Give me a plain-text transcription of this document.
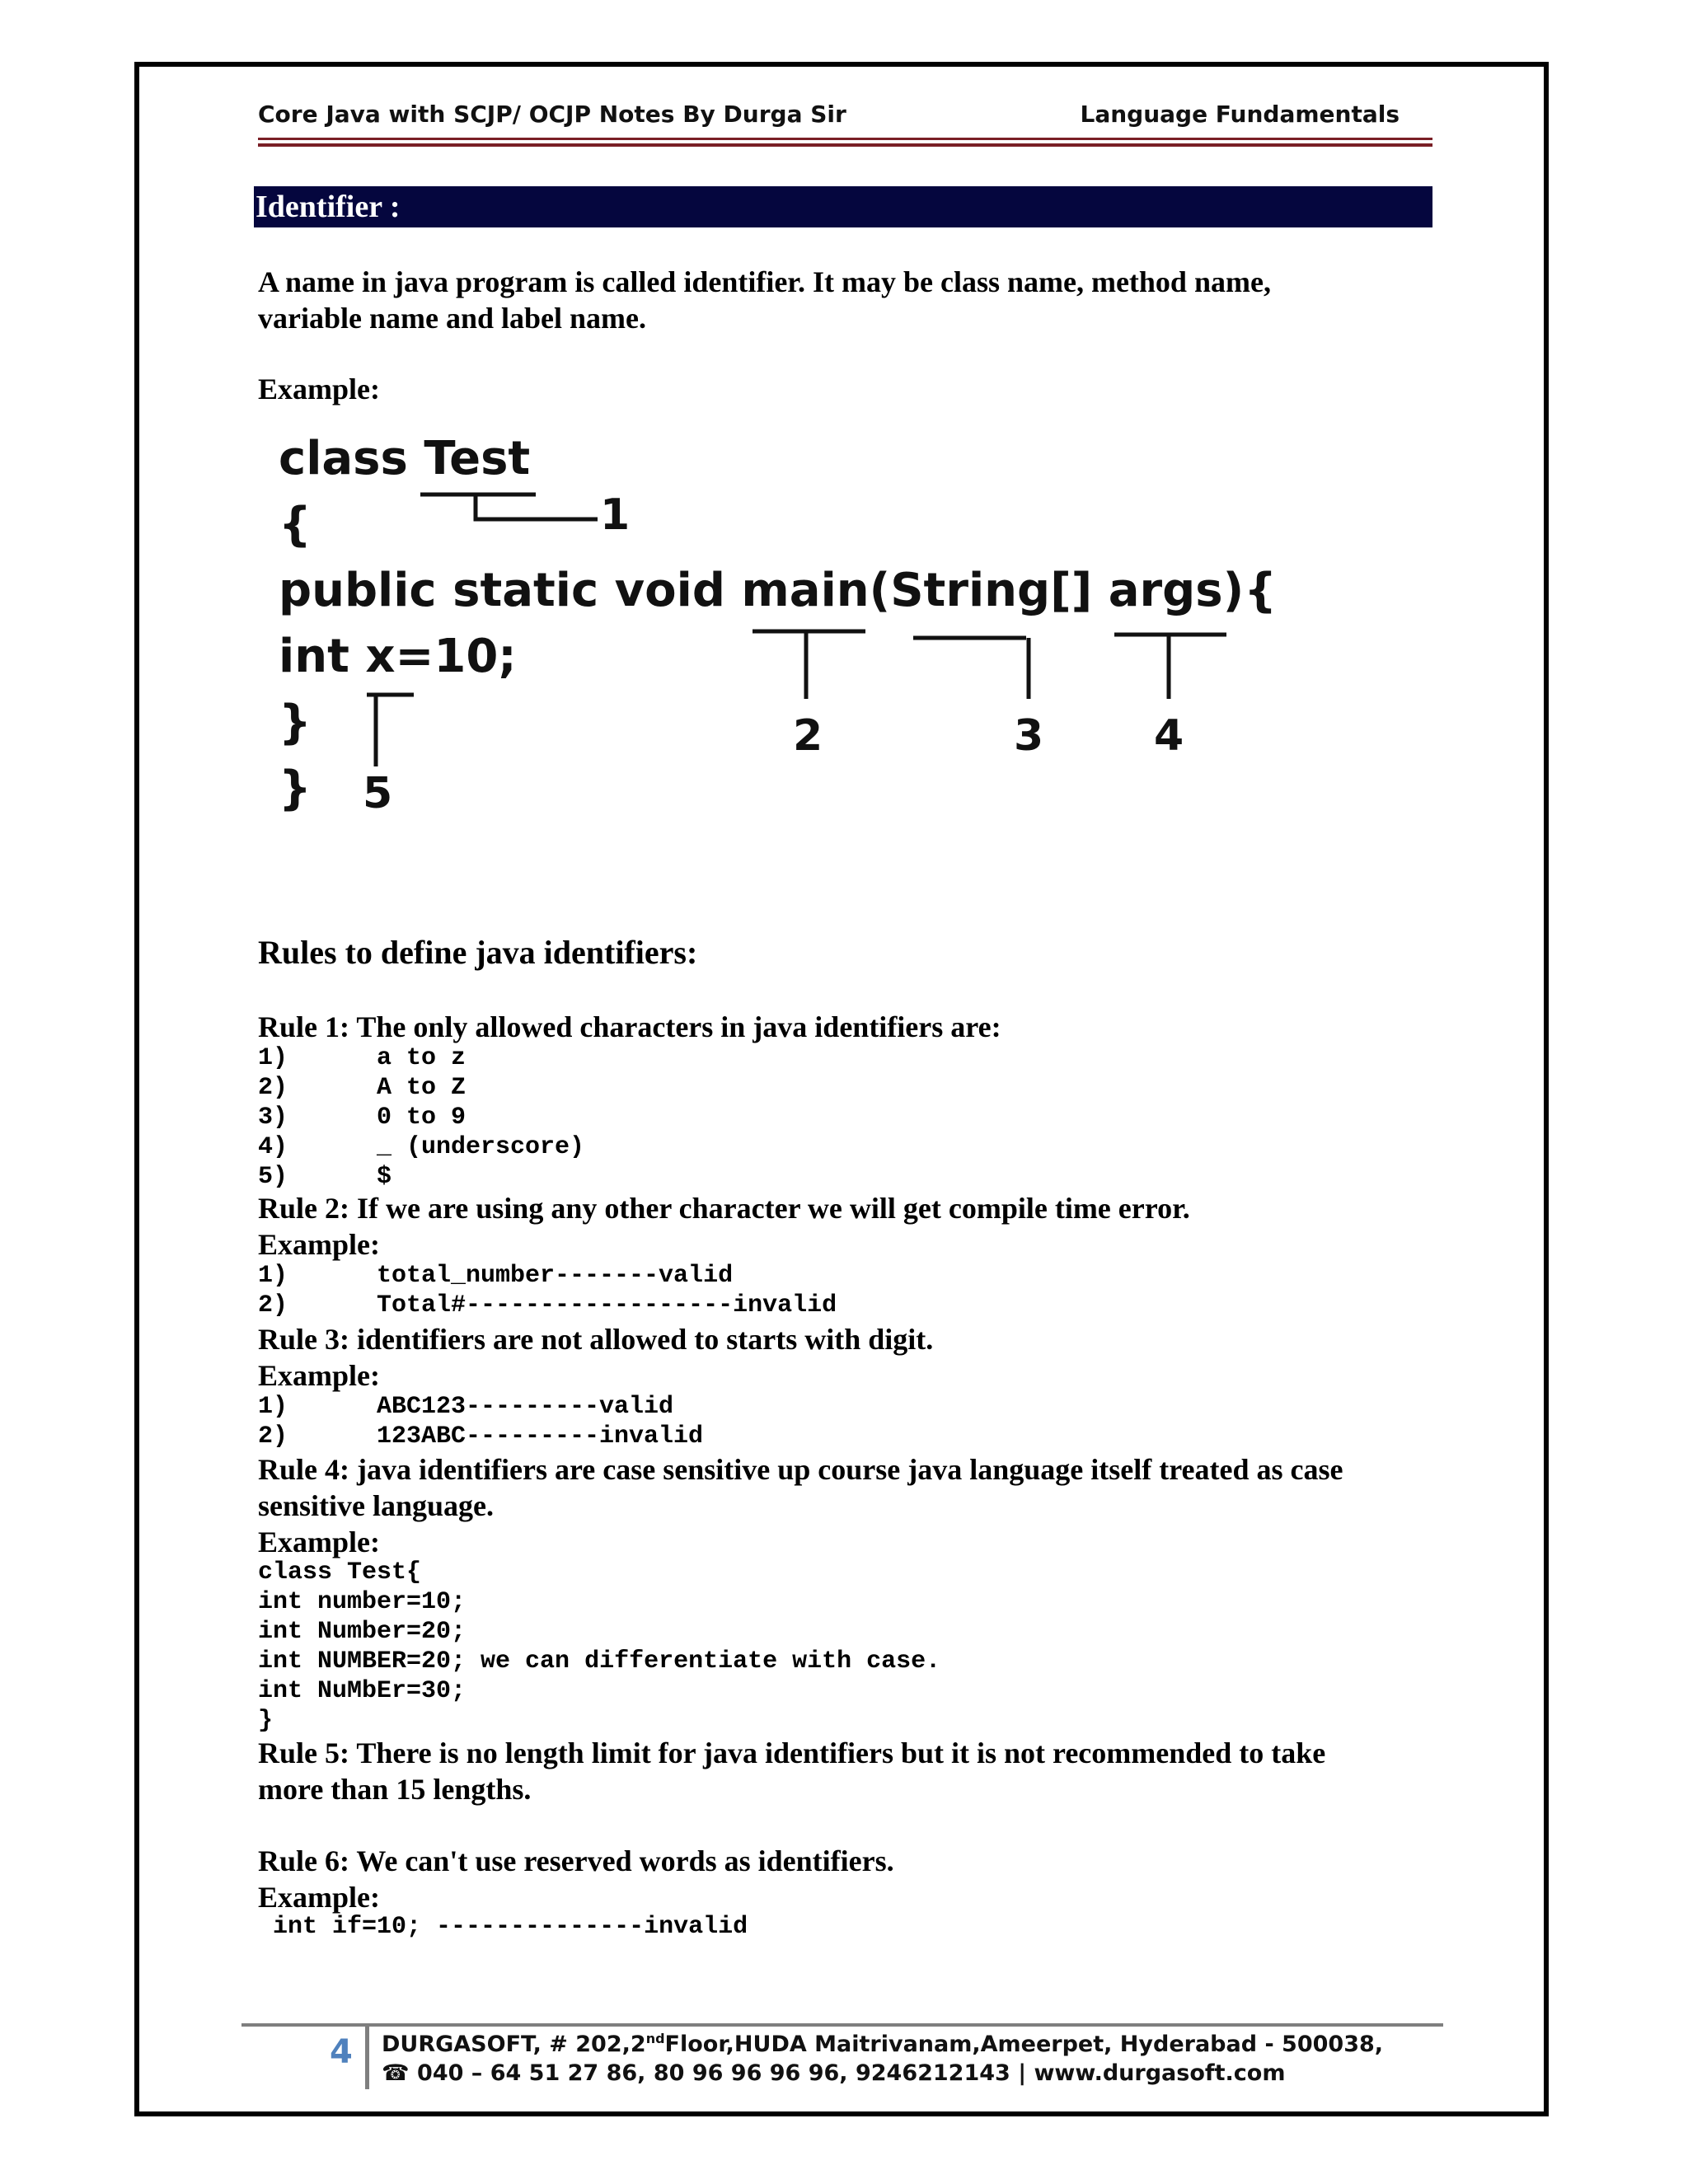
Core Java with SCJP/ OCJP Notes By Durga Sir	Language Fundamentals
Identifier :

A name in java program is called identifier. It may be class name, method name,

variable name and label name.

Example:

class Test
{
public static void main(String[] args){
int x=10;
}
}
1
2	3	4
5

Rules to define java identifiers:

Rule 1: The only allowed characters in java identifiers are:

1)	a to z
2)	A to Z
3)	0 to 9
4)	_ (underscore)
5)	$

Rule 2: If we are using any other character we will get compile time error.

Example:

1)	total_number-------valid
2)	Total#------------------invalid

Rule 3: identifiers are not allowed to starts with digit.

Example:

1)	ABC123---------valid
2)	123ABC---------invalid

Rule 4: java identifiers are case sensitive up course java language itself treated as case

sensitive language.

Example:

class Test{
int number=10;
int Number=20;
int NUMBER=20; we can differentiate with case.
int NuMbEr=30;
}

Rule 5: There is no length limit for java identifiers but it is not recommended to take

more than 15 lengths.

Rule 6: We can't use reserved words as identifiers.

Example:

int if=10; --------------invalid
4 DURGASOFT, # 202,2ndFloor,HUDA Maitrivanam,Ameerpet, Hyderabad - 500038,
☎ 040 – 64 51 27 86, 80 96 96 96 96, 9246212143 | www.durgasoft.com
